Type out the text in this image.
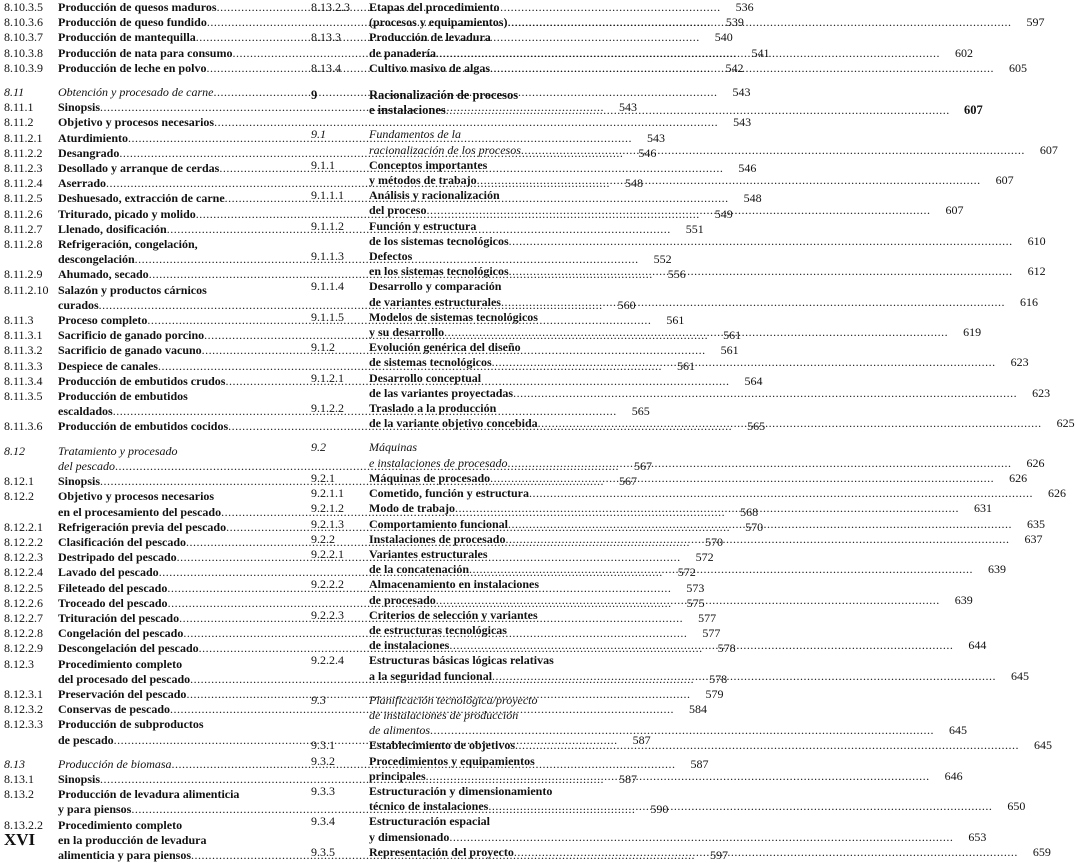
8.10.3.5	Producción de quesos maduros .....	536
8.10.3.6	Producción de queso fundido .....	539
8.10.3.7	Producción de mantequilla .....	540
8.10.3.8	Producción de nata para consumo .....	541
8.10.3.9	Producción de leche en polvo .....	542
8.11	Obtención y procesado de carne .....	543
8.11.1	Sinopsis .....	543
8.11.2	Objetivo y procesos necesarios .....	543
8.11.2.1	Aturdimiento .....	543
8.11.2.2	Desangrado .....	546
8.11.2.3	Desollado y arranque de cerdas .....	546
8.11.2.4	Aserrado .....	548
8.11.2.5	Deshuesado, extracción de carne .....	548
8.11.2.6	Triturado, picado y molido .....	549
8.11.2.7	Llenado, dosificación .....	551
8.11.2.8	Refrigeración, congelación,
descongelación .....	552
8.11.2.9	Ahumado, secado .....	556
8.11.2.10 Salazón y productos cárnicos
curados .....	560
8.11.3	Proceso completo .....	561
8.11.3.1	Sacrificio de ganado porcino .....	561
8.11.3.2	Sacrificio de ganado vacuno .....	561
8.11.3.3	Despiece de canales .....	561
8.11.3.4	Producción de embutidos crudos .....	564
8.11.3.5	Producción de embutidos
escaldados .....	565
8.11.3.6	Producción de embutidos cocidos .....	565
8.12	Tratamiento y procesado
del pescado .....	567
8.12.1	Sinopsis .....	567
8.12.2	Objetivo y procesos necesarios
en el procesamiento del pescado .....	568
8.12.2.1	Refrigeración previa del pescado .....	570
8.12.2.2	Clasificación del pescado .....	570
8.12.2.3	Destripado del pescado .....	572
8.12.2.4	Lavado del pescado .....	572
8.12.2.5	Fileteado del pescado .....	573
8.12.2.6	Troceado del pescado .....	575
8.12.2.7	Trituración del pescado .....	577
8.12.2.8	Congelación del pescado .....	577
8.12.2.9	Descongelación del pescado .....	578
8.12.3	Procedimiento completo
del procesado del pescado .....	578
8.12.3.1	Preservación del pescado .....	579
8.12.3.2	Conservas de pescado .....	584
8.12.3.3	Producción de subproductos
de pescado .....	587
8.13	Producción de biomasa .....	587
8.13.1	Sinopsis .....	587
8.13.2	Producción de levadura alimenticia
y para piensos .....	590
8.13.2.2	Procedimiento completo
en la producción de levadura
alimenticia y para piensos .....	597
8.13.2.3	Etapas del procedimiento
(procesos y equipamientos) .....	597
8.13.3	Producción de levadura
de panadería .....	602
8.13.4	Cultivo masivo de algas .....	605
9	Racionalización de procesos
e instalaciones .....	607
9.1	Fundamentos de la
racionalización de los procesos .....	607
9.1.1	Conceptos importantes
y métodos de trabajo .....	607
9.1.1.1	Análisis y racionalización
del proceso .....	607
9.1.1.2	Función y estructura
de los sistemas tecnológicos .....	610
9.1.1.3	Defectos
en los sistemas tecnológicos .....	612
9.1.1.4	Desarrollo y comparación
de variantes estructurales .....	616
9.1.1.5	Modelos de sistemas tecnológicos
y su desarrollo .....	619
9.1.2	Evolución genérica del diseño
de sistemas tecnológicos .....	623
9.1.2.1	Desarrollo conceptual
de las variantes proyectadas .....	623
9.1.2.2	Traslado a la producción
de la variante objetivo concebida .....	625
9.2	Máquinas
e instalaciones de procesado .....	626
9.2.1	Máquinas de procesado .....	626
9.2.1.1	Cometido, función y estructura .....	626
9.2.1.2	Modo de trabajo .....	631
9.2.1.3	Comportamiento funcional .....	635
9.2.2	Instalaciones de procesado .....	637
9.2.2.1	Variantes estructurales
de la concatenación .....	639
9.2.2.2	Almacenamiento en instalaciones
de procesado .....	639
9.2.2.3	Criterios de selección y variantes
de estructuras tecnológicas
de instalaciones .....	644
9.2.2.4	Estructuras básicas lógicas relativas
a la seguridad funcional .....	645
9.3	Planificación tecnológica/proyecto
de instalaciones de producción
de alimentos .....	645
9.3.1	Establecimiento de objetivos .....	645
9.3.2	Procedimientos y equipamientos
principales .....	646
9.3.3	Estructuración y dimensionamiento
técnico de instalaciones .....	650
9.3.4	Estructuración espacial
y dimensionado .....	653
9.3.5	Representación del proyecto .....	659
XVI
